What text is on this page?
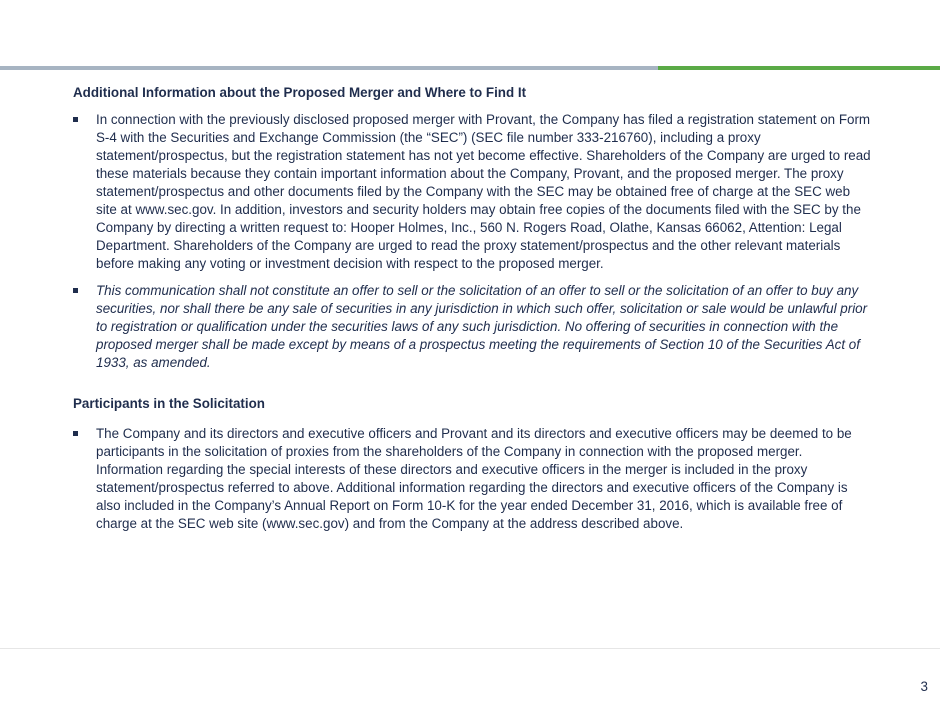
Additional Information about the Proposed Merger and Where to Find It

In connection with the previously disclosed proposed merger with Provant, the Company has filed a registration statement on Form S-4 with the Securities and Exchange Commission (the “SEC”) (SEC file number 333-216760), including a proxy statement/prospectus, but the registration statement has not yet become effective. Shareholders of the Company are urged to read these materials because they contain important information about the Company, Provant, and the proposed merger. The proxy statement/prospectus and other documents filed by the Company with the SEC may be obtained free of charge at the SEC web site at www.sec.gov. In addition, investors and security holders may obtain free copies of the documents filed with the SEC by the Company by directing a written request to: Hooper Holmes, Inc., 560 N. Rogers Road, Olathe, Kansas 66062, Attention: Legal Department. Shareholders of the Company are urged to read the proxy statement/prospectus and the other relevant materials before making any voting or investment decision with respect to the proposed merger.
This communication shall not constitute an offer to sell or the solicitation of an offer to sell or the solicitation of an offer to buy any securities, nor shall there be any sale of securities in any jurisdiction in which such offer, solicitation or sale would be unlawful prior to registration or qualification under the securities laws of any such jurisdiction. No offering of securities in connection with the proposed merger shall be made except by means of a prospectus meeting the requirements of Section 10 of the Securities Act of 1933, as amended.

Participants in the Solicitation

The Company and its directors and executive officers and Provant and its directors and executive officers may be deemed to be participants in the solicitation of proxies from the shareholders of the Company in connection with the proposed merger. Information regarding the special interests of these directors and executive officers in the merger is included in the proxy statement/prospectus referred to above. Additional information regarding the directors and executive officers of the Company is also included in the Company’s Annual Report on Form 10-K for the year ended December 31, 2016, which is available free of charge at the SEC web site (www.sec.gov) and from the Company at the address described above.
3
